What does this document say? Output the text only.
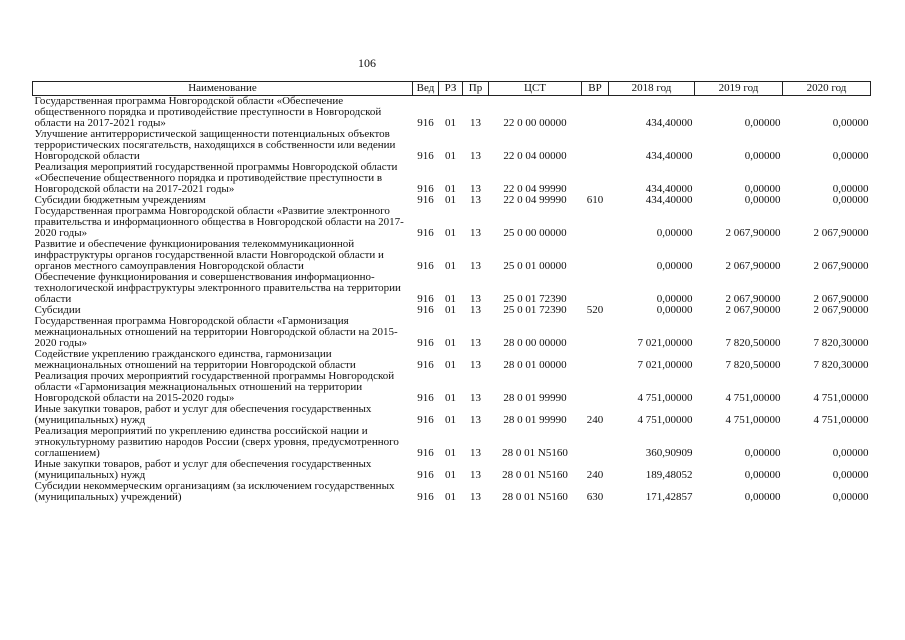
106
Наименование	Вед	РЗ	Пр	ЦСТ	ВР	2018 год	2019 год	2020 год
Государственная программа Новгородской области «Обеспечение общественного порядка и противодействие преступности в Новгородской области на 2017-2021 годы»	916	01	13	22 0 00 00000		434,40000	0,00000	0,00000
Улучшение антитеррористической защищенности потенциальных объектов террористических посягательств, находящихся в собственности или ведении Новгородской области	916	01	13	22 0 04 00000		434,40000	0,00000	0,00000
Реализация мероприятий государственной программы Новгородской области «Обеспечение общественного порядка и противодействие преступности в Новгородской области на 2017-2021 годы»	916	01	13	22 0 04 99990		434,40000	0,00000	0,00000
Субсидии бюджетным учреждениям	916	01	13	22 0 04 99990	610	434,40000	0,00000	0,00000
Государственная программа Новгородской области «Развитие электронного правительства и информационного общества в Новгородской области на 2017-2020 годы»	916	01	13	25 0 00 00000		0,00000	2 067,90000	2 067,90000
Развитие и обеспечение функционирования телекоммуникационной инфраструктуры органов государственной власти Новгородской области и органов местного самоуправления Новгородской области	916	01	13	25 0 01 00000		0,00000	2 067,90000	2 067,90000
Обеспечение функционирования и совершенствования информационно- технологической инфраструктуры электронного правительства на территории области	916	01	13	25 0 01 72390		0,00000	2 067,90000	2 067,90000
Субсидии	916	01	13	25 0 01 72390	520	0,00000	2 067,90000	2 067,90000
Государственная программа Новгородской области «Гармонизация межнациональных отношений на территории Новгородской области на 2015-2020 годы»	916	01	13	28 0 00 00000		7 021,00000	7 820,50000	7 820,30000
Содействие укреплению гражданского единства, гармонизации межнациональных отношений на территории Новгородской области	916	01	13	28 0 01 00000		7 021,00000	7 820,50000	7 820,30000
Реализация прочих мероприятий государственной программы Новгородской области «Гармонизация межнациональных отношений на территории Новгородской области на 2015-2020 годы»	916	01	13	28 0 01 99990		4 751,00000	4 751,00000	4 751,00000
Иные закупки товаров, работ и услуг для обеспечения государственных (муниципальных) нужд	916	01	13	28 0 01 99990	240	4 751,00000	4 751,00000	4 751,00000
Реализация мероприятий по укреплению единства российской нации и этнокультурному развитию народов России (сверх уровня, предусмотренного соглашением)	916	01	13	28 0 01 N5160		360,90909	0,00000	0,00000
Иные закупки товаров, работ и услуг для обеспечения государственных (муниципальных) нужд	916	01	13	28 0 01 N5160	240	189,48052	0,00000	0,00000
Субсидии некоммерческим организациям (за исключением государственных (муниципальных) учреждений)	916	01	13	28 0 01 N5160	630	171,42857	0,00000	0,00000
